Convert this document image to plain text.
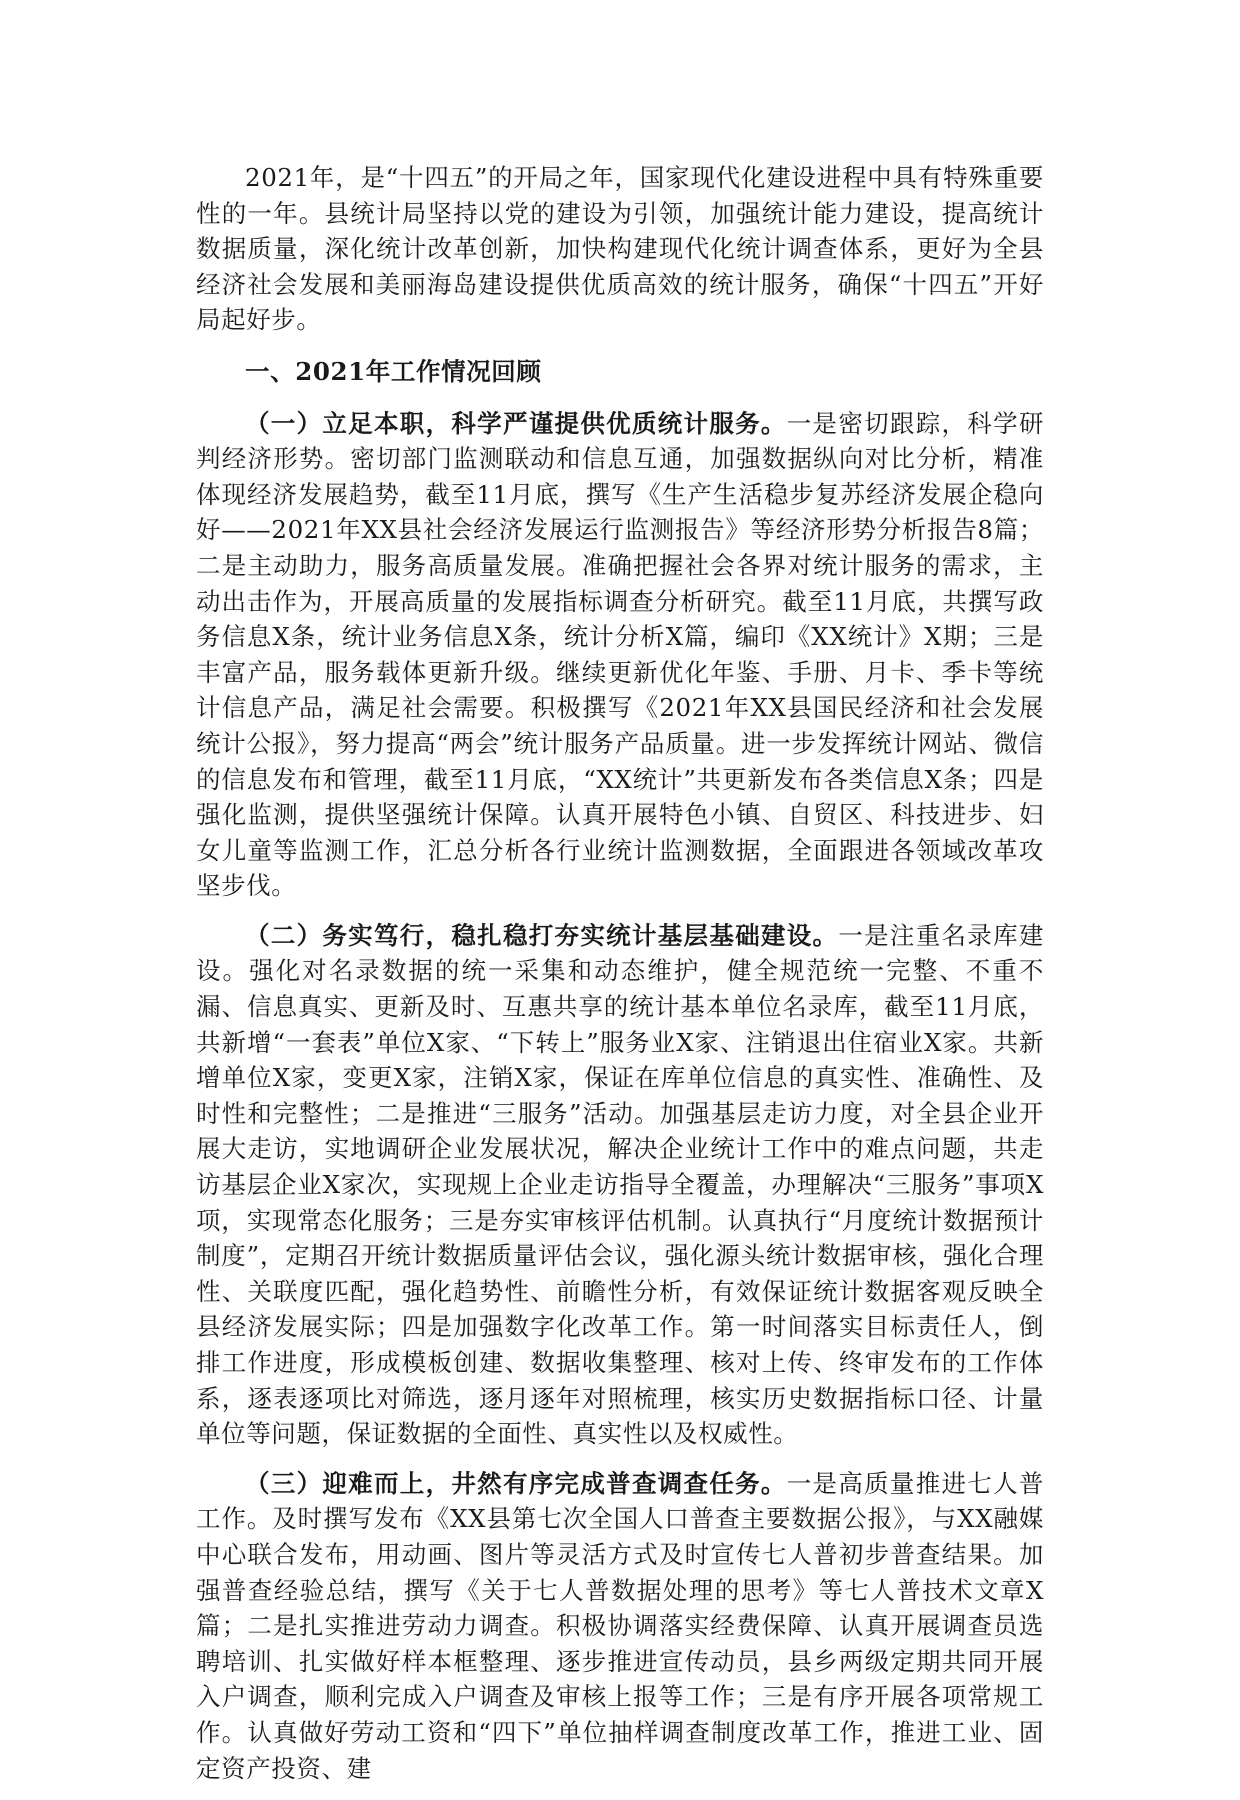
2021年，是“十四五”的开局之年，国家现代化建设进程中具有特殊重要性的一年。县统计局坚持以党的建设为引领，加强统计能力建设，提高统计数据质量，深化统计改革创新，加快构建现代化统计调查体系，更好为全县经济社会发展和美丽海岛建设提供优质高效的统计服务，确保“十四五”开好局起好步。

一、2021年工作情况回顾

（一）立足本职，科学严谨提供优质统计服务。一是密切跟踪，科学研判经济形势。密切部门监测联动和信息互通，加强数据纵向对比分析，精准体现经济发展趋势，截至11月底，撰写《生产生活稳步复苏经济发展企稳向好——2021年XX县社会经济发展运行监测报告》等经济形势分析报告8篇；二是主动助力，服务高质量发展。准确把握社会各界对统计服务的需求，主动出击作为，开展高质量的发展指标调查分析研究。截至11月底，共撰写政务信息X条，统计业务信息X条，统计分析X篇，编印《XX统计》X期；三是丰富产品，服务载体更新升级。继续更新优化年鉴、手册、月卡、季卡等统计信息产品，满足社会需要。积极撰写《2021年XX县国民经济和社会发展统计公报》，努力提高“两会”统计服务产品质量。进一步发挥统计网站、微信的信息发布和管理，截至11月底，“XX统计”共更新发布各类信息X条；四是强化监测，提供坚强统计保障。认真开展特色小镇、自贸区、科技进步、妇女儿童等监测工作，汇总分析各行业统计监测数据，全面跟进各领域改革攻坚步伐。

（二）务实笃行，稳扎稳打夯实统计基层基础建设。一是注重名录库建设。强化对名录数据的统一采集和动态维护，健全规范统一完整、不重不漏、信息真实、更新及时、互惠共享的统计基本单位名录库，截至11月底，共新增“一套表”单位X家、“下转上”服务业X家、注销退出住宿业X家。共新增单位X家，变更X家，注销X家，保证在库单位信息的真实性、准确性、及时性和完整性；二是推进“三服务”活动。加强基层走访力度，对全县企业开展大走访，实地调研企业发展状况，解决企业统计工作中的难点问题，共走访基层企业X家次，实现规上企业走访指导全覆盖，办理解决“三服务”事项X项，实现常态化服务；三是夯实审核评估机制。认真执行“月度统计数据预计制度”，定期召开统计数据质量评估会议，强化源头统计数据审核，强化合理性、关联度匹配，强化趋势性、前瞻性分析，有效保证统计数据客观反映全县经济发展实际；四是加强数字化改革工作。第一时间落实目标责任人，倒排工作进度，形成模板创建、数据收集整理、核对上传、终审发布的工作体系，逐表逐项比对筛选，逐月逐年对照梳理，核实历史数据指标口径、计量单位等问题，保证数据的全面性、真实性以及权威性。

（三）迎难而上，井然有序完成普查调查任务。一是高质量推进七人普工作。及时撰写发布《XX县第七次全国人口普查主要数据公报》，与XX融媒中心联合发布，用动画、图片等灵活方式及时宣传七人普初步普查结果。加强普查经验总结，撰写《关于七人普数据处理的思考》等七人普技术文章X篇；二是扎实推进劳动力调查。积极协调落实经费保障、认真开展调查员选聘培训、扎实做好样本框整理、逐步推进宣传动员，县乡两级定期共同开展入户调查，顺利完成入户调查及审核上报等工作；三是有序开展各项常规工作。认真做好劳动工资和“四下”单位抽样调查制度改革工作，推进工业、固定资产投资、建
